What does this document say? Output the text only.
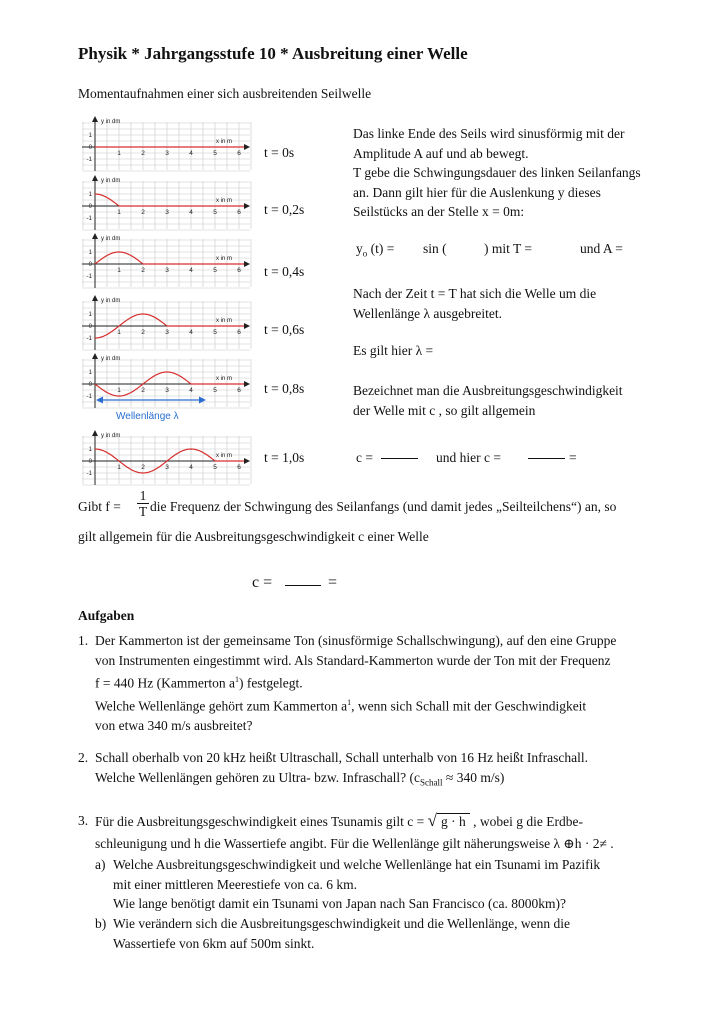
Physik * Jahrgangsstufe 10 * Ausbreitung einer Welle
Momentaufnahmen einer sich ausbreitenden Seilwelle
y in dm
x in m
1
0
-1
1	2	3	4	5	6
y in dm
x in m
1
0
-1
1	2	3	4	5	6
y in dm
x in m
1
0
-1
1	2	3	4	5	6
y in dm
x in m
1
0
-1
1	2	3	4	5	6
y in dm
x in m
1
0
-1
1	2	3	4	5	6
y in dm
x in m
1
0
-1
1	2	3	4	5	6
t = 0s
t = 0,2s
t = 0,4s
t = 0,6s
t = 0,8s
t = 1,0s
Wellenlänge λ
Das linke Ende des Seils wird sinusförmig mit der
Amplitude A auf und ab bewegt.
T gebe die Schwingungsdauer des linken Seilanfangs
an. Dann gilt hier für die Auslenkung y dieses
Seilstücks an der Stelle x = 0m:
$y_o$ (t) = sin (	) mit T =	und A =
Nach der Zeit t = T hat sich die Welle um die
Wellenlänge λ ausgebreitet.
Es gilt hier λ =
Bezeichnet man die Ausbreitungsgeschwindigkeit
der Welle mit c , so gilt allgemein
c =	und hier c =	=
Gibt $f = \frac{1}{T}$ die Frequenz der Schwingung des Seilanfangs (und damit jedes „Seilteilchens“) an, so
gilt allgemein für die Ausbreitungsgeschwindigkeit c einer Welle
c =	=
Aufgaben
1. Der Kammerton ist der gemeinsame Ton (sinusförmige Schallschwingung), auf den eine Gruppe
von Instrumenten eingestimmt wird. Als Standard-Kammerton wurde der Ton mit der Frequenz
f = 440 Hz (Kammerton $a^1$) festgelegt.
Welche Wellenlänge gehört zum Kammerton $a^1$, wenn sich Schall mit der Geschwindigkeit
von etwa 340 m/s ausbreitet?
2. Schall oberhalb von 20 kHz heißt Ultraschall, Schall unterhalb von 16 Hz heißt Infraschall.
Welche Wellenlängen gehören zu Ultra- bzw. Infraschall? ($c_{Schall} \approx 340$ m/s)
3. Für die Ausbreitungsgeschwindigkeit eines Tsunamis gilt c = √ g · h , wobei g die Erdbe-
schleunigung und h die Wassertiefe angibt. Für die Wellenlänge gilt näherungsweise λ ⊕h · 2≠ .
a) Welche Ausbreitungsgeschwindigkeit und welche Wellenlänge hat ein Tsunami im Pazifik
mit einer mittleren Meerestiefe von ca. 6 km.
Wie lange benötigt damit ein Tsunami von Japan nach San Francisco (ca. 8000km)?
b) Wie verändern sich die Ausbreitungsgeschwindigkeit und die Wellenlänge, wenn die
Wassertiefe von 6km auf 500m sinkt.
